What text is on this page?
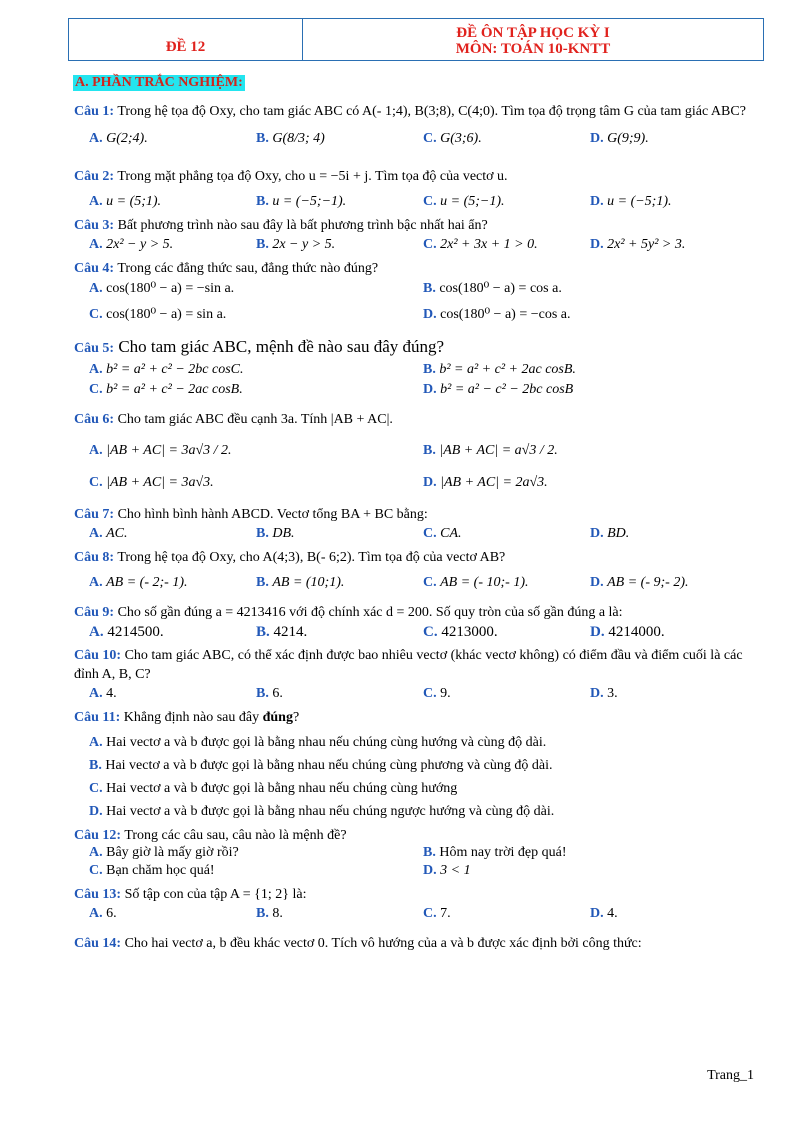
ĐỀ 12	
ĐỀ ÔN TẬP HỌC KỲ I
MÔN: TOÁN 10-KNTT
A. PHẦN TRẮC NGHIỆM:
Câu 1: Trong hệ tọa độ Oxy, cho tam giác ABC có A(- 1;4), B(3;8), C(4;0). Tìm tọa độ trọng tâm G của tam giác ABC?
A. G(2;4).	B. G(8/3; 4)	C. G(3;6).	D. G(9;9).
Câu 2: Trong mặt phẳng tọa độ Oxy, cho u = −5i + j. Tìm tọa độ của vectơ u.
A. u = (5;1).	B. u = (−5;−1).	C. u = (5;−1).	D. u = (−5;1).
Câu 3: Bất phương trình nào sau đây là bất phương trình bậc nhất hai ẩn?
A. 2x² − y > 5.	B. 2x − y > 5.	C. 2x² + 3x + 1 > 0.	D. 2x² + 5y² > 3.
Câu 4: Trong các đẳng thức sau, đẳng thức nào đúng?
A. cos(180⁰ − a) = −sin a.	B. cos(180⁰ − a) = cos a.
C. cos(180⁰ − a) = sin a.	D. cos(180⁰ − a) = −cos a.
Câu 5: Cho tam giác ABC, mệnh đề nào sau đây đúng?
A. b² = a² + c² − 2bc cosC.	B. b² = a² + c² + 2ac cosB.
C. b² = a² + c² − 2ac cosB.	D. b² = a² − c² − 2bc cosB
Câu 6: Cho tam giác ABC đều cạnh 3a. Tính |AB + AC|.
A. |AB + AC| = 3a√3 / 2.	B. |AB + AC| = a√3 / 2.
C. |AB + AC| = 3a√3.	D. |AB + AC| = 2a√3.
Câu 7: Cho hình bình hành ABCD. Vectơ tổng BA + BC bằng:
A. AC.	B. DB.	C. CA.	D. BD.
Câu 8: Trong hệ tọa độ Oxy, cho A(4;3), B(- 6;2). Tìm tọa độ của vectơ AB?
A. AB = (- 2;- 1).	B. AB = (10;1).	C. AB = (- 10;- 1).	D. AB = (- 9;- 2).
Câu 9: Cho số gần đúng a = 4213416 với độ chính xác d = 200. Số quy tròn của số gần đúng a là:
A. 4214500.	B. 4214.	C. 4213000.	D. 4214000.
Câu 10: Cho tam giác ABC, có thể xác định được bao nhiêu vectơ (khác vectơ không) có điểm đầu và điểm cuối là các đỉnh A, B, C?
A. 4.	B. 6.	C. 9.	D. 3.
Câu 11: Khẳng định nào sau đây đúng?
A. Hai vectơ a và b được gọi là bằng nhau nếu chúng cùng hướng và cùng độ dài.
B. Hai vectơ a và b được gọi là bằng nhau nếu chúng cùng phương và cùng độ dài.
C. Hai vectơ a và b được gọi là bằng nhau nếu chúng cùng hướng
D. Hai vectơ a và b được gọi là bằng nhau nếu chúng ngược hướng và cùng độ dài.
Câu 12: Trong các câu sau, câu nào là mệnh đề?
A. Bây giờ là mấy giờ rồi?	B. Hôm nay trời đẹp quá!
C. Bạn chăm học quá!	D. 3 < 1
Câu 13: Số tập con của tập A = {1; 2} là:
A. 6.	B. 8.	C. 7.	D. 4.
Câu 14: Cho hai vectơ a, b đều khác vectơ 0. Tích vô hướng của a và b được xác định bởi công thức:
Trang_1
